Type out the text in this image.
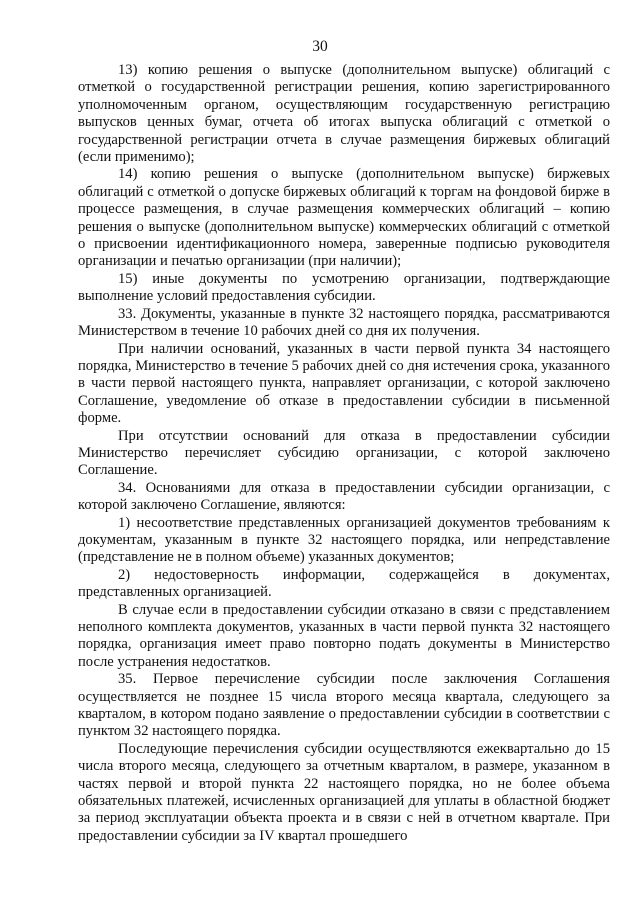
30

13) копию решения о выпуске (дополнительном выпуске) облигаций с отметкой о государственной регистрации решения, копию зарегистрированного уполномоченным органом, осуществляющим государственную регистрацию выпусков ценных бумаг, отчета об итогах выпуска облигаций с отметкой о государственной регистрации отчета в случае размещения биржевых облигаций (если применимо);

14) копию решения о выпуске (дополнительном выпуске) биржевых облигаций с отметкой о допуске биржевых облигаций к торгам на фондовой бирже в процессе размещения, в случае размещения коммерческих облигаций – копию решения о выпуске (дополнительном выпуске) коммерческих облигаций с отметкой о присвоении идентификационного номера, заверенные подписью руководителя организации и печатью организации (при наличии);

15) иные документы по усмотрению организации, подтверждающие выполнение условий предоставления субсидии.

33. Документы, указанные в пункте 32 настоящего порядка, рассматриваются Министерством в течение 10 рабочих дней со дня их получения.

При наличии оснований, указанных в части первой пункта 34 настоящего порядка, Министерство в течение 5 рабочих дней со дня истечения срока, указанного в части первой настоящего пункта, направляет организации, с которой заключено Соглашение, уведомление об отказе в предоставлении субсидии в письменной форме.

При отсутствии оснований для отказа в предоставлении субсидии Министерство перечисляет субсидию организации, с которой заключено Соглашение.

34. Основаниями для отказа в предоставлении субсидии организации, с которой заключено Соглашение, являются:

1) несоответствие представленных организацией документов требованиям к документам, указанным в пункте 32 настоящего порядка, или непредставление (представление не в полном объеме) указанных документов;

2) недостоверность информации, содержащейся в документах, представленных организацией.

В случае если в предоставлении субсидии отказано в связи с представлением неполного комплекта документов, указанных в части первой пункта 32 настоящего порядка, организация имеет право повторно подать документы в Министерство после устранения недостатков.

35. Первое перечисление субсидии после заключения Соглашения осуществляется не позднее 15 числа второго месяца квартала, следующего за кварталом, в котором подано заявление о предоставлении субсидии в соответствии с пунктом 32 настоящего порядка.

Последующие перечисления субсидии осуществляются ежеквартально до 15 числа второго месяца, следующего за отчетным кварталом, в размере, указанном в частях первой и второй пункта 22 настоящего порядка, но не более объема обязательных платежей, исчисленных организацией для уплаты в областной бюджет за период эксплуатации объекта проекта и в связи с ней в отчетном квартале. При предоставлении субсидии за IV квартал прошедшего
